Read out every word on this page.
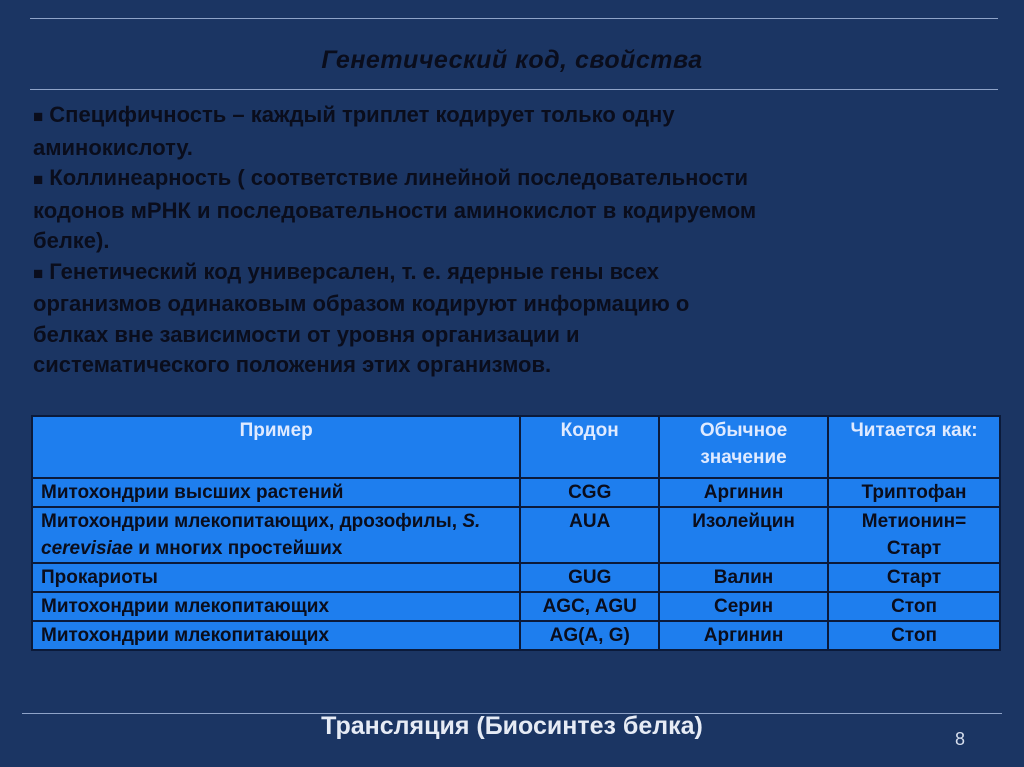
Генетический код, свойства

■ Специфичность – каждый триплет кодирует только одну
аминокислоту.

■ Коллинеарность ( соответствие линейной последовательности
кодонов мРНК и последовательности аминокислот в кодируемом
белке).

■ Генетический код универсален, т. е. ядерные гены всех
организмов одинаковым образом кодируют информацию о
белках вне зависимости от уровня организации и
систематического положения этих организмов.

Пример	Кодон	Обычное значение	Читается как:
Митохондрии высших растений	CGG	Аргинин	Триптофан
Митохондрии млекопитающих, дрозофилы, S. cerevisiae и многих простейших	AUA	Изолейцин	Метионин= Старт
Прокариоты	GUG	Валин	Старт
Митохондрии млекопитающих	AGC, AGU	Серин	Стоп
Митохондрии млекопитающих	AG(A, G)	Аргинин	Стоп
Трансляция (Биосинтез белка)	8
